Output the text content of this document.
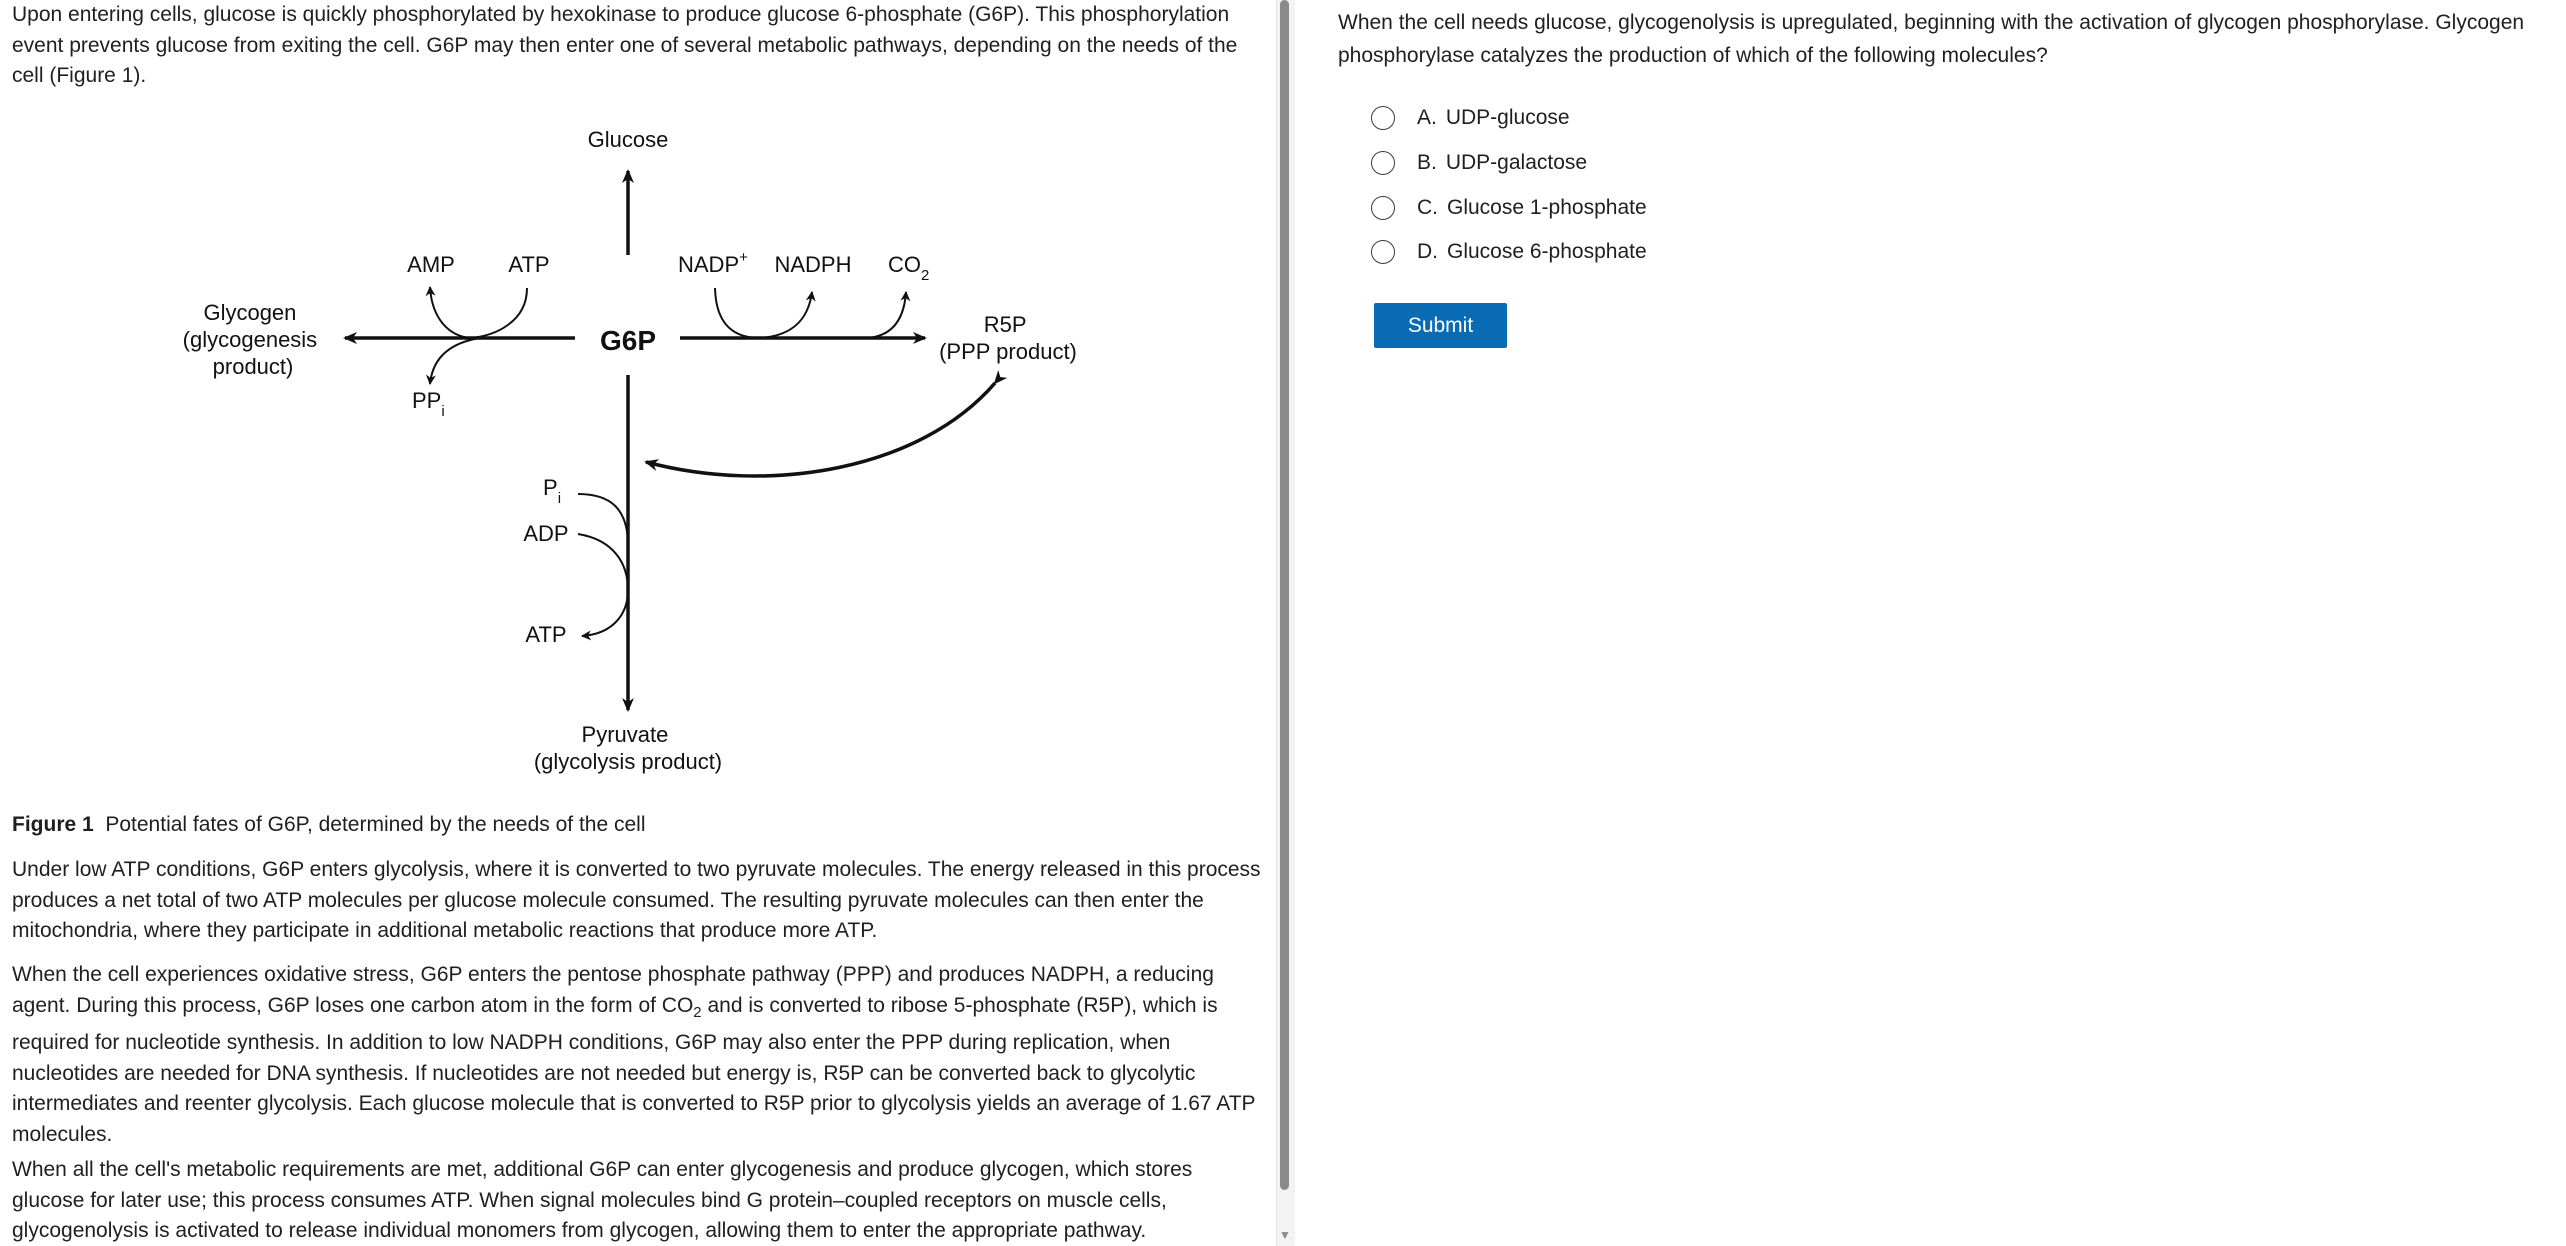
Upon entering cells, glucose is quickly phosphorylated by hexokinase to produce glucose 6-phosphate (G6P). This phosphorylation event prevents glucose from exiting the cell. G6P may then enter one of several metabolic pathways, depending on the needs of the cell (Figure 1).

Glucose
G6P
AMP ATP
$PP_i$
Glycogen (glycogenesis product)
NADP+ NADPH $CO_2$
R5P (PPP product)
$P_i$
ADP
ATP
Pyruvate (glycolysis product)

Figure 1 Potential fates of G6P, determined by the needs of the cell

Under low ATP conditions, G6P enters glycolysis, where it is converted to two pyruvate molecules. The energy released in this process produces a net total of two ATP molecules per glucose molecule consumed. The resulting pyruvate molecules can then enter the mitochondria, where they participate in additional metabolic reactions that produce more ATP.

When the cell experiences oxidative stress, G6P enters the pentose phosphate pathway (PPP) and produces NADPH, a reducing agent. During this process, G6P loses one carbon atom in the form of $CO_2$ and is converted to ribose 5-phosphate (R5P), which is required for nucleotide synthesis. In addition to low NADPH conditions, G6P may also enter the PPP during replication, when nucleotides are needed for DNA synthesis. If nucleotides are not needed but energy is, R5P can be converted back to glycolytic intermediates and reenter glycolysis. Each glucose molecule that is converted to R5P prior to glycolysis yields an average of 1.67 ATP molecules.

When all the cell's metabolic requirements are met, additional G6P can enter glycogenesis and produce glycogen, which stores glucose for later use; this process consumes ATP. When signal molecules bind G protein–coupled receptors on muscle cells, glycogenolysis is activated to release individual monomers from glycogen, allowing them to enter the appropriate pathway.	▼

When the cell needs glucose, glycogenolysis is upregulated, beginning with the activation of glycogen phosphorylase. Glycogen phosphorylase catalyzes the production of which of the following molecules?

A. UDP-glucose
B. UDP-galactose
C. Glucose 1-phosphate
D. Glucose 6-phosphate
Submit
